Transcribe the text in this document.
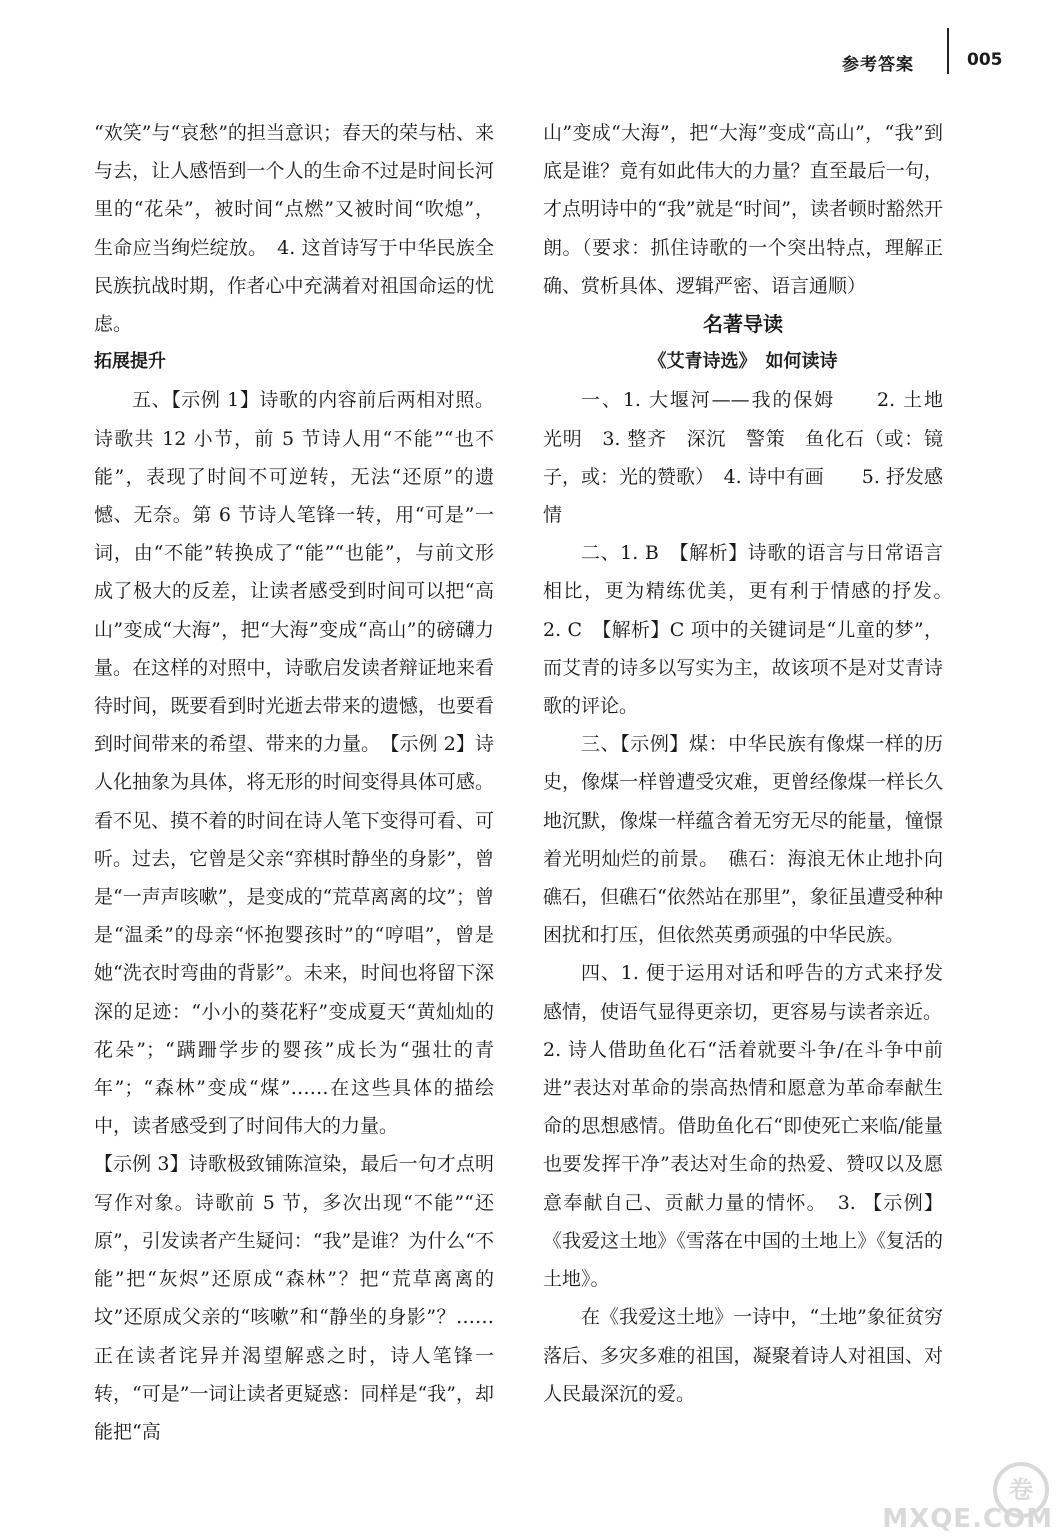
参考答案	005

“欢笑”与“哀愁”的担当意识；春天的荣与枯、来与去，让人感悟到一个人的生命不过是时间长河里的“花朵”，被时间“点燃”又被时间“吹熄”，生命应当绚烂绽放。　4. 这首诗写于中华民族全民族抗战时期，作者心中充满着对祖国命运的忧虑。

拓展提升

五、【示例 1】诗歌的内容前后两相对照。诗歌共 12 小节，前 5 节诗人用“不能”“也不能”，表现了时间不可逆转，无法“还原”的遗憾、无奈。第 6 节诗人笔锋一转，用“可是”一词，由“不能”转换成了“能”“也能”，与前文形成了极大的反差，让读者感受到时间可以把“高山”变成“大海”，把“大海”变成“高山”的磅礴力量。在这样的对照中，诗歌启发读者辩证地来看待时间，既要看到时光逝去带来的遗憾，也要看到时间带来的希望、带来的力量。　【示例 2】诗人化抽象为具体，将无形的时间变得具体可感。看不见、摸不着的时间在诗人笔下变得可看、可听。过去，它曾是父亲“弈棋时静坐的身影”，曾是“一声声咳嗽”，是变成的“荒草离离的坟”；曾是“温柔”的母亲“怀抱婴孩时”的“哼唱”，曾是她“洗衣时弯曲的背影”。未来，时间也将留下深深的足迹：“小小的葵花籽”变成夏天“黄灿灿的花朵”；“蹒跚学步的婴孩”成长为“强壮的青年”；“森林”变成“煤”……在这些具体的描绘中，读者感受到了时间伟大的力量。

【示例 3】诗歌极致铺陈渲染，最后一句才点明写作对象。诗歌前 5 节，多次出现“不能”“还原”，引发读者产生疑问：“我”是谁？为什么“不能”把“灰烬”还原成“森林”？把“荒草离离的坟”还原成父亲的“咳嗽”和“静坐的身影”？……正在读者诧异并渴望解惑之时，诗人笔锋一转，“可是”一词让读者更疑惑：同样是“我”，却能把“高

山”变成“大海”，把“大海”变成“高山”，“我”到底是谁？竟有如此伟大的力量？直至最后一句，才点明诗中的“我”就是“时间”，读者顿时豁然开朗。（要求：抓住诗歌的一个突出特点，理解正确、赏析具体、逻辑严密、语言通顺）

名著导读

《艾青诗选》　如何读诗

一、1. 大堰河——我的保姆　　2. 土地　光明　3. 整齐　深沉　警策　鱼化石（或：镜子，或：光的赞歌）　4. 诗中有画　　5. 抒发感情

二、1. B　【解析】诗歌的语言与日常语言相比，更为精练优美，更有利于情感的抒发。　2. C　【解析】C 项中的关键词是“儿童的梦”，而艾青的诗多以写实为主，故该项不是对艾青诗歌的评论。

三、【示例】煤：中华民族有像煤一样的历史，像煤一样曾遭受灾难，更曾经像煤一样长久地沉默，像煤一样蕴含着无穷无尽的能量，憧憬着光明灿烂的前景。　礁石：海浪无休止地扑向礁石，但礁石“依然站在那里”，象征虽遭受种种困扰和打压，但依然英勇顽强的中华民族。

四、1. 便于运用对话和呼告的方式来抒发感情，使语气显得更亲切，更容易与读者亲近。

2. 诗人借助鱼化石“活着就要斗争/在斗争中前进”表达对革命的崇高热情和愿意为革命奉献生命的思想感情。借助鱼化石“即使死亡来临/能量也要发挥干净”表达对生命的热爱、赞叹以及愿意奉献自己、贡献力量的情怀。　3. 【示例】《我爱这土地》《雪落在中国的土地上》《复活的土地》。

在《我爱这土地》一诗中，“土地”象征贫穷落后、多灾多难的祖国，凝聚着诗人对祖国、对人民最深沉的爱。

卷
MXQE.COM
